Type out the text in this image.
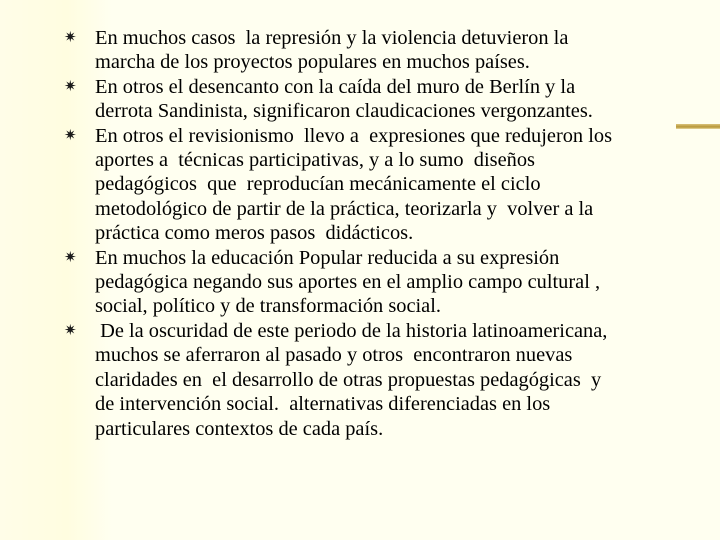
✷ En muchos casos  la represión y la violencia detuvieron la
marcha de los proyectos populares en muchos países.
✷ En otros el desencanto con la caída del muro de Berlín y la
derrota Sandinista, significaron claudicaciones vergonzantes.
✷ En otros el revisionismo  llevo a  expresiones que redujeron los
aportes a  técnicas participativas, y a lo sumo  diseños
pedagógicos  que  reproducían mecánicamente el ciclo
metodológico de partir de la práctica, teorizarla y  volver a la
práctica como meros pasos  didácticos.
✷ En muchos la educación Popular reducida a su expresión
pedagógica negando sus aportes en el amplio campo cultural ,
social, político y de transformación social.
✷ De la oscuridad de este periodo de la historia latinoamericana,
muchos se aferraron al pasado y otros  encontraron nuevas
claridades en  el desarrollo de otras propuestas pedagógicas  y
de intervención social.  alternativas diferenciadas en los
particulares contextos de cada país.
